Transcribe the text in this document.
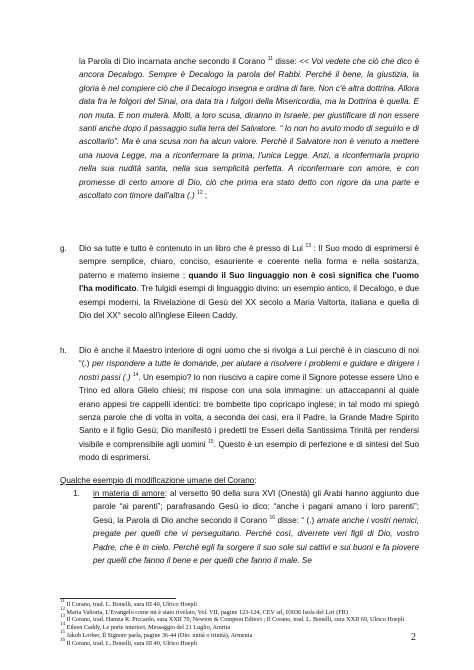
la Parola di Dio incarnata anche secondo il Corano $^{11}$ disse: << Voi vedete che ciò che dico è ancora Decalogo. Sempre è Decalogo la parola del Rabbi. Perché il bene, la giustizia, la gloria è nel compiere ciò che il Decalogo insegna e ordina di fare. Non c'è altra dottrina. Allora data fra le folgori del Sinai, ora data tra i fulgori della Misericordia, ma la Dottrina è quella. E non muta. E non muterà. Molti, a loro scusa, diranno in Israele, per giustificare di non essere santi anche dopo il passaggio sulla terra del Salvatore. “ Io non ho avuto modo di seguirlo e di ascoltarlo”. Ma è una scusa non ha alcun valore. Perché il Salvatore non è venuto a mettere una nuova Legge, ma a riconfermare la prima, l'unica Legge. Anzi, a riconfermarla proprio nella sua nudità santa, nella sua semplicità perfetta. A riconfermare con amore, e con promesse di certo amore di Dio, ciò che prima era stato detto con rigore da una parte e ascoltato con timore dall'altra (.) $^{12}$ ;

g. Dio sa tutte e tutto è contenuto in un libro che è presso di Lui $^{13}$ : Il Suo modo di esprimersi è sempre semplice, chiaro, conciso, esauriente e coerente nella forma e nella sostanza, paterno e materno insieme ; quando il Suo linguaggio non è così significa che l'uomo l'ha modificato. Tre fulgidi esempi di linguaggio divino: un esempio antico, il Decalogo, e due esempi moderni, la Rivelazione di Gesù del XX secolo a Maria Valtorta, italiana e quella di Dio del XX° secolo all'inglese Eileen Caddy.

h. Dio è anche il Maestro interiore di ogni uomo che si rivolga a Lui perché è in ciascuno di noi “(.) per rispondere a tutte le domande, per aiutare a risolvere i problemi e guidare e dirigere i nostri passi (.) $^{14}$. Un esempio? Io non riuscivo a capire come il Signore potesse essere Uno e Trino ed allora Glielo chiesi; mi rispose con una sola immagine: un attaccapanni al quale erano appesi tre cappelli identici: tre bombette tipo copricapo inglese; in tal modo mi spiegò senza parole che di volta in volta, a seconda dei casi, era il Padre, la Grande Madre Spirito Santo e il figlio Gesù; Dio manifestò i predetti tre Esseri della Santissima Trinità per rendersi visibile e comprensibile agli uomini $^{15}$. Questo è un esempio di perfezione e di sintesi del Suo modo di esprimersi.

Qualche esempio di modificazione umane del Corano:

1. in materia di amore: al versetto 90 della sura XVI (Onestà) gli Arabi hanno aggiunto due parole “ai parenti”; parafrasando Gesù io dico: “anche i pagani amano i loro parenti”; Gesù, la Parola di Dio anche secondo il Corano $^{16}$ disse: “ (.) amate anche i vostri nemici, pregate per quelli che vi perseguitano. Perché così, diverrete veri figli di Dio, vostro Padre, che è in cielo. Perché egli fa sorgere il suo sole sui cattivi e sui buoni e fa piovere per quelli che fanno il bene e per quelli che fanno il male. Se

$^{11}$ Il Corano, trad. L. Bonelli, sura III 40, Ulrico Hoepli

$^{12}$ Maria Valtorta, L'Evangelo come mi è stato rivelato, Vol. VII, pagine 123-124, CEV srl, 03036 Isola del Liri (FR)

$^{13}$ Il Corano, trad. Hamza R. Piccardo, sura XXII 70, Newton & Compton Editori ; Il Corano, trad. L. Bonelli, sura XXII 69, Ulrico Hoepli

$^{14}$ Eileen Caddy, Le porte interiori, Messaggio del 21 Luglio, Amrita

$^{15}$ Jakob Lorber, Il Signore parla, pagine 36-44 (Dio: unità o trinità), Armenia

$^{16}$ Il Corano, trad. L. Bonelli, sura III 40, Ulrico Hoepli

2
